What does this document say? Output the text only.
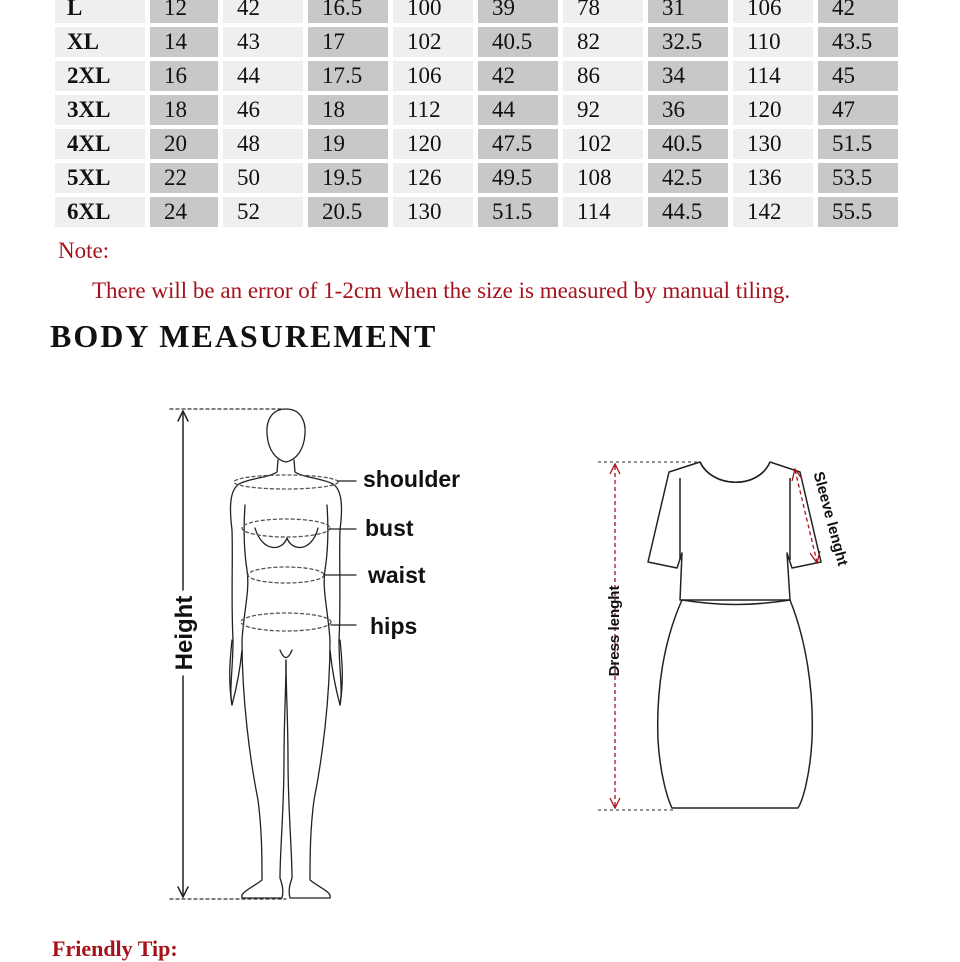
L	12	42	16.5	100	39	78	31	106	42
XL	14	43	17	102	40.5	82	32.5	110	43.5
2XL	16	44	17.5	106	42	86	34	114	45
3XL	18	46	18	112	44	92	36	120	47
4XL	20	48	19	120	47.5	102	40.5	130	51.5
5XL	22	50	19.5	126	49.5	108	42.5	136	53.5
6XL	24	52	20.5	130	51.5	114	44.5	142	55.5
Note:
There will be an error of 1-2cm when the size is measured by manual tiling.
BODY MEASUREMENT
shoulder
bust
waist
hips
Height	Dress lenght
Sleeve lenght
Friendly Tip:
